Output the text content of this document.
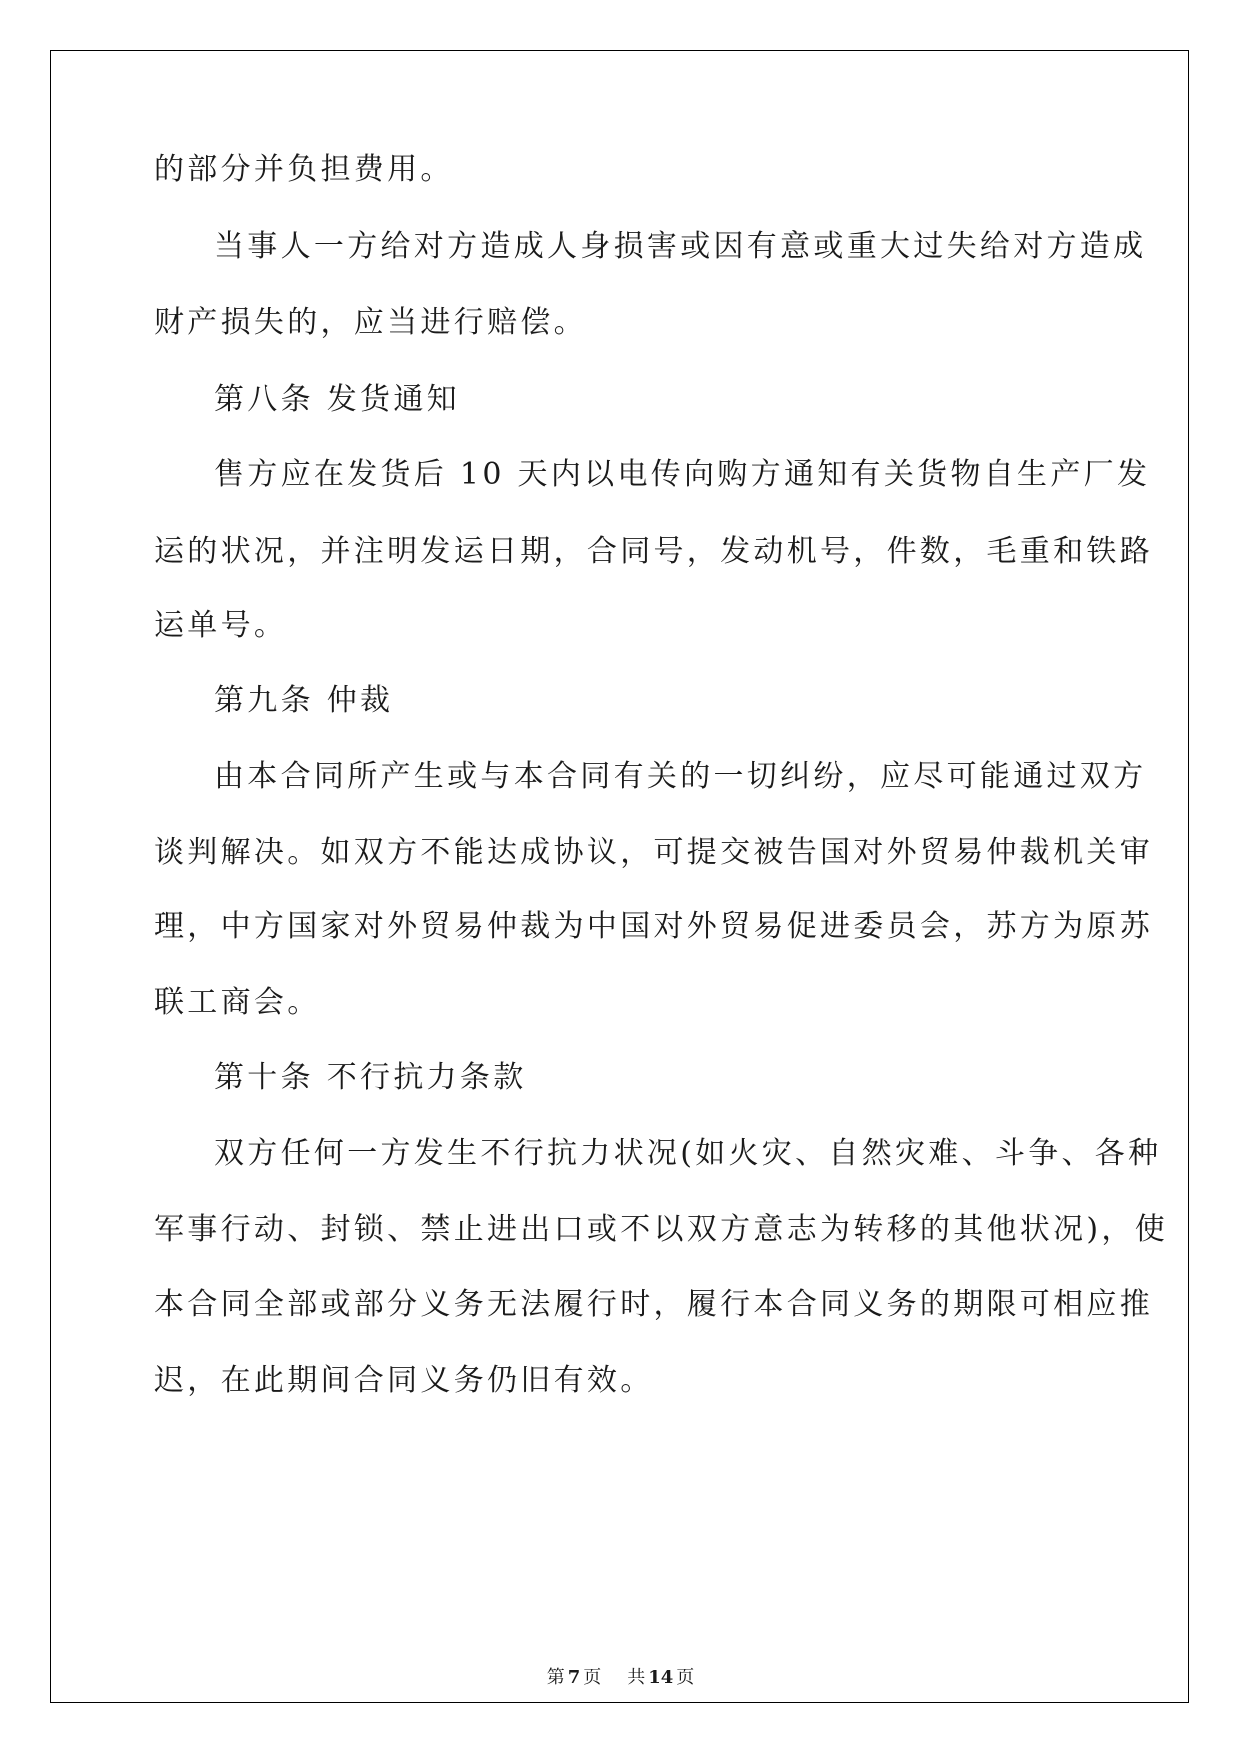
的部分并负担费用。
当事人一方给对方造成人身损害或因有意或重大过失给对方造成
财产损失的，应当进行赔偿。
第八条 发货通知
售方应在发货后 10 天内以电传向购方通知有关货物自生产厂发
运的状况，并注明发运日期，合同号，发动机号，件数，毛重和铁路
运单号。
第九条 仲裁
由本合同所产生或与本合同有关的一切纠纷，应尽可能通过双方
谈判解决。如双方不能达成协议，可提交被告国对外贸易仲裁机关审
理，中方国家对外贸易仲裁为中国对外贸易促进委员会，苏方为原苏
联工商会。
第十条 不行抗力条款
双方任何一方发生不行抗力状况(如火灾、自然灾难、斗争、各种
军事行动、封锁、禁止进出口或不以双方意志为转移的其他状况)，使
本合同全部或部分义务无法履行时，履行本合同义务的期限可相应推
迟，在此期间合同义务仍旧有效。
第 7 页 共 14 页
